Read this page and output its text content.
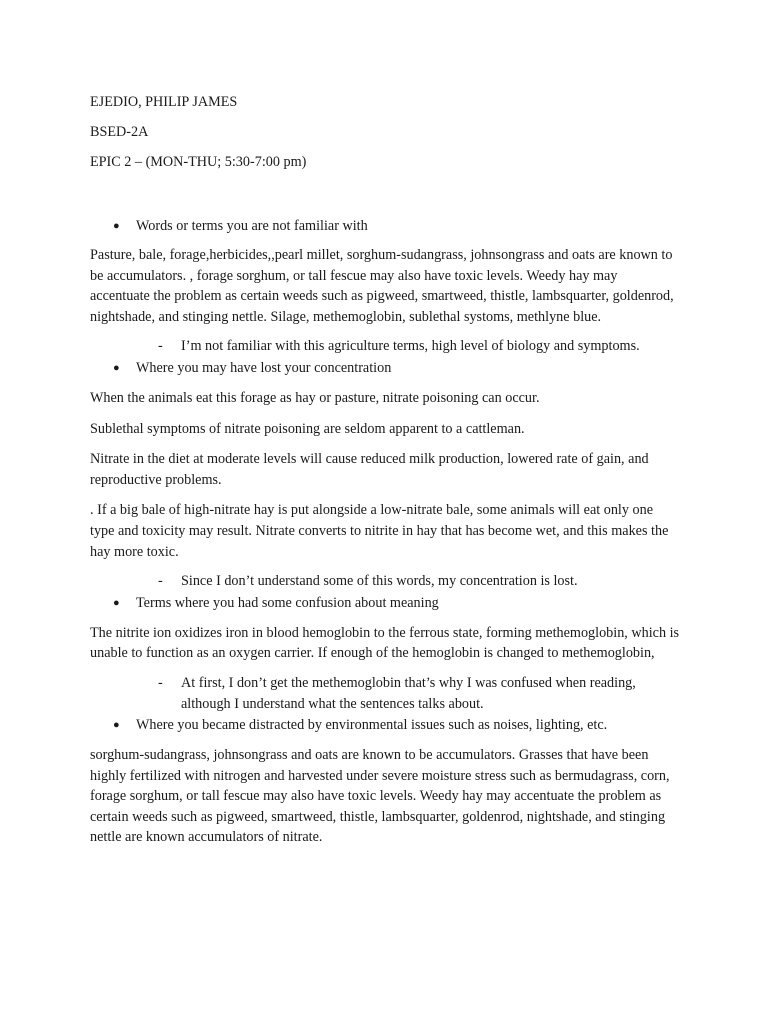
EJEDIO, PHILIP JAMES
BSED-2A
EPIC 2 – (MON-THU; 5:30-7:00 pm)
● Words or terms you are not familiar with

Pasture, bale, forage,herbicides,,pearl millet, sorghum-sudangrass, johnsongrass and oats are known to be accumulators. , forage sorghum, or tall fescue may also have toxic levels. Weedy hay may accentuate the problem as certain weeds such as pigweed, smartweed, thistle, lambsquarter, goldenrod, nightshade, and stinging nettle. Silage, methemoglobin, sublethal systoms, methlyne blue.

- I’m not familiar with this agriculture terms, high level of biology and symptoms.
● Where you may have lost your concentration

When the animals eat this forage as hay or pasture, nitrate poisoning can occur.

Sublethal symptoms of nitrate poisoning are seldom apparent to a cattleman.

Nitrate in the diet at moderate levels will cause reduced milk production, lowered rate of gain, and reproductive problems.

. If a big bale of high-nitrate hay is put alongside a low-nitrate bale, some animals will eat only one type and toxicity may result. Nitrate converts to nitrite in hay that has become wet, and this makes the hay more toxic.

- Since I don’t understand some of this words, my concentration is lost.
● Terms where you had some confusion about meaning

The nitrite ion oxidizes iron in blood hemoglobin to the ferrous state, forming methemoglobin, which is unable to function as an oxygen carrier. If enough of the hemoglobin is changed to methemoglobin,

- At first, I don’t get the methemoglobin that’s why I was confused when reading, although I understand what the sentences talks about.
● Where you became distracted by environmental issues such as noises, lighting, etc.

sorghum-sudangrass, johnsongrass and oats are known to be accumulators. Grasses that have been highly fertilized with nitrogen and harvested under severe moisture stress such as bermudagrass, corn, forage sorghum, or tall fescue may also have toxic levels. Weedy hay may accentuate the problem as certain weeds such as pigweed, smartweed, thistle, lambsquarter, goldenrod, nightshade, and stinging nettle are known accumulators of nitrate.
